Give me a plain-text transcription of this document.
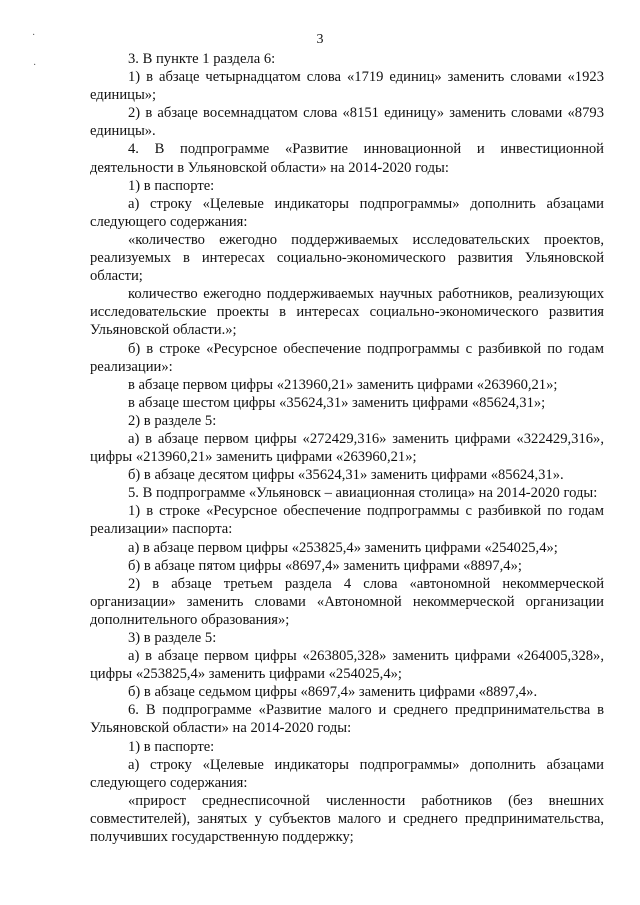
3
·
·	3. В пункте 1 раздела 6:

1) в абзаце четырнадцатом слова «1719 единиц» заменить словами «1923 единицы»;

2) в абзаце восемнадцатом слова «8151 единицу» заменить словами «8793 единицы».

4. В подпрограмме «Развитие инновационной и инвестиционной деятельности в Ульяновской области» на 2014-2020 годы:

1) в паспорте:

а) строку «Целевые индикаторы подпрограммы» дополнить абзацами следующего содержания:

«количество ежегодно поддерживаемых исследовательских проектов, реализуемых в интересах социально-экономического развития Ульяновской области;

количество ежегодно поддерживаемых научных работников, реализующих исследовательские проекты в интересах социально-экономического развития Ульяновской области.»;

б) в строке «Ресурсное обеспечение подпрограммы с разбивкой по годам реализации»:

в абзаце первом цифры «213960,21» заменить цифрами «263960,21»;

в абзаце шестом цифры «35624,31» заменить цифрами «85624,31»;

2) в разделе 5:

а) в абзаце первом цифры «272429,316» заменить цифрами «322429,316», цифры «213960,21» заменить цифрами «263960,21»;

б) в абзаце десятом цифры «35624,31» заменить цифрами «85624,31».

5. В подпрограмме «Ульяновск – авиационная столица» на 2014-2020 годы:

1) в строке «Ресурсное обеспечение подпрограммы с разбивкой по годам реализации» паспорта:

а) в абзаце первом цифры «253825,4» заменить цифрами «254025,4»;

б) в абзаце пятом цифры «8697,4» заменить цифрами «8897,4»;

2) в абзаце третьем раздела 4 слова «автономной некоммерческой организации» заменить словами «Автономной некоммерческой организации дополнительного образования»;

3) в разделе 5:

а) в абзаце первом цифры «263805,328» заменить цифрами «264005,328», цифры «253825,4» заменить цифрами «254025,4»;

б) в абзаце седьмом цифры «8697,4» заменить цифрами «8897,4».

6. В подпрограмме «Развитие малого и среднего предпринимательства в Ульяновской области» на 2014-2020 годы:

1) в паспорте:

а) строку «Целевые индикаторы подпрограммы» дополнить абзацами следующего содержания:

«прирост среднесписочной численности работников (без внешних совместителей), занятых у субъектов малого и среднего предпринимательства, получивших государственную поддержку;
